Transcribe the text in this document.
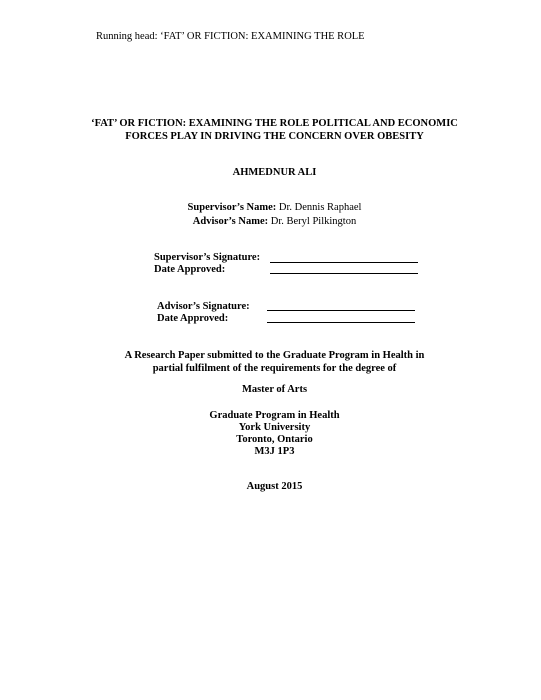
Running head: ‘FAT’ OR FICTION: EXAMINING THE ROLE
‘FAT’ OR FICTION: EXAMINING THE ROLE POLITICAL AND ECONOMIC
FORCES PLAY IN DRIVING THE CONCERN OVER OBESITY
AHMEDNUR ALI
Supervisor’s Name: Dr. Dennis Raphael
Advisor’s Name: Dr. Beryl Pilkington
Supervisor’s Signature:
Date Approved:
Advisor’s Signature:
Date Approved:
A Research Paper submitted to the Graduate Program in Health in
partial fulfilment of the requirements for the degree of
Master of Arts
Graduate Program in Health
York University
Toronto, Ontario
M3J 1P3
August 2015
